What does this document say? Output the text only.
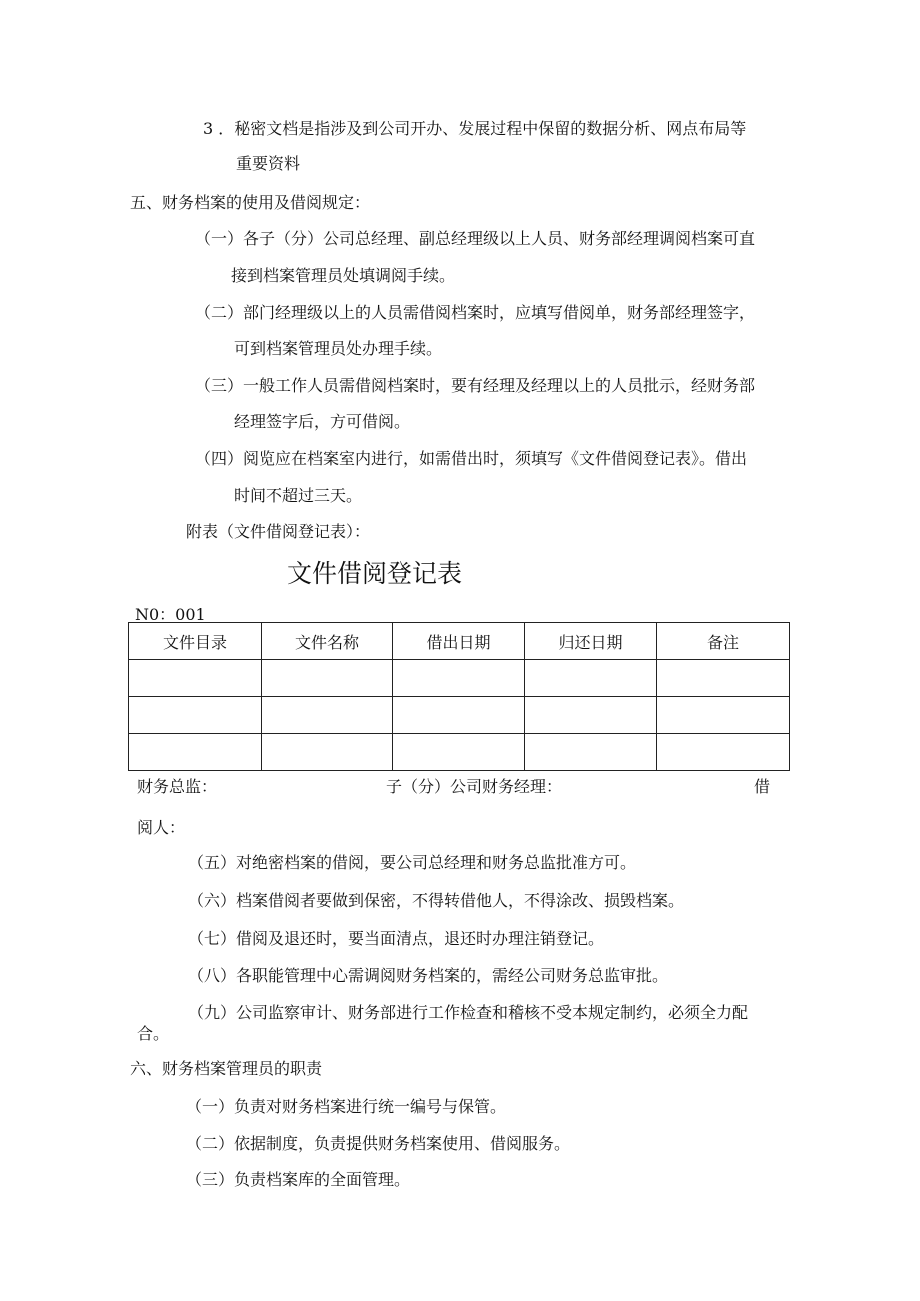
3 ．秘密文档是指涉及到公司开办、发展过程中保留的数据分析、网点布局等
重要资料
五、财务档案的使用及借阅规定：
（一）各子（分）公司总经理、副总经理级以上人员、财务部经理调阅档案可直
接到档案管理员处填调阅手续。
（二）部门经理级以上的人员需借阅档案时，应填写借阅单，财务部经理签字，
可到档案管理员处办理手续。
（三）一般工作人员需借阅档案时，要有经理及经理以上的人员批示，经财务部
经理签字后，方可借阅。
（四）阅览应在档案室内进行，如需借出时，须填写《文件借阅登记表》。借出
时间不超过三天。
附表（文件借阅登记表）：
文件借阅登记表
N0：001
文件目录	文件名称	借出日期	归还日期	备注

财务总监：	子（分）公司财务经理：	借
阅人：
（五）对绝密档案的借阅，要公司总经理和财务总监批准方可。
（六）档案借阅者要做到保密，不得转借他人，不得涂改、损毁档案。
（七）借阅及退还时，要当面清点，退还时办理注销登记。
（八）各职能管理中心需调阅财务档案的，需经公司财务总监审批。
（九）公司监察审计、财务部进行工作检查和稽核不受本规定制约，必须全力配
合。
六、财务档案管理员的职责
（一）负责对财务档案进行统一编号与保管。
（二）依据制度，负责提供财务档案使用、借阅服务。
（三）负责档案库的全面管理。
